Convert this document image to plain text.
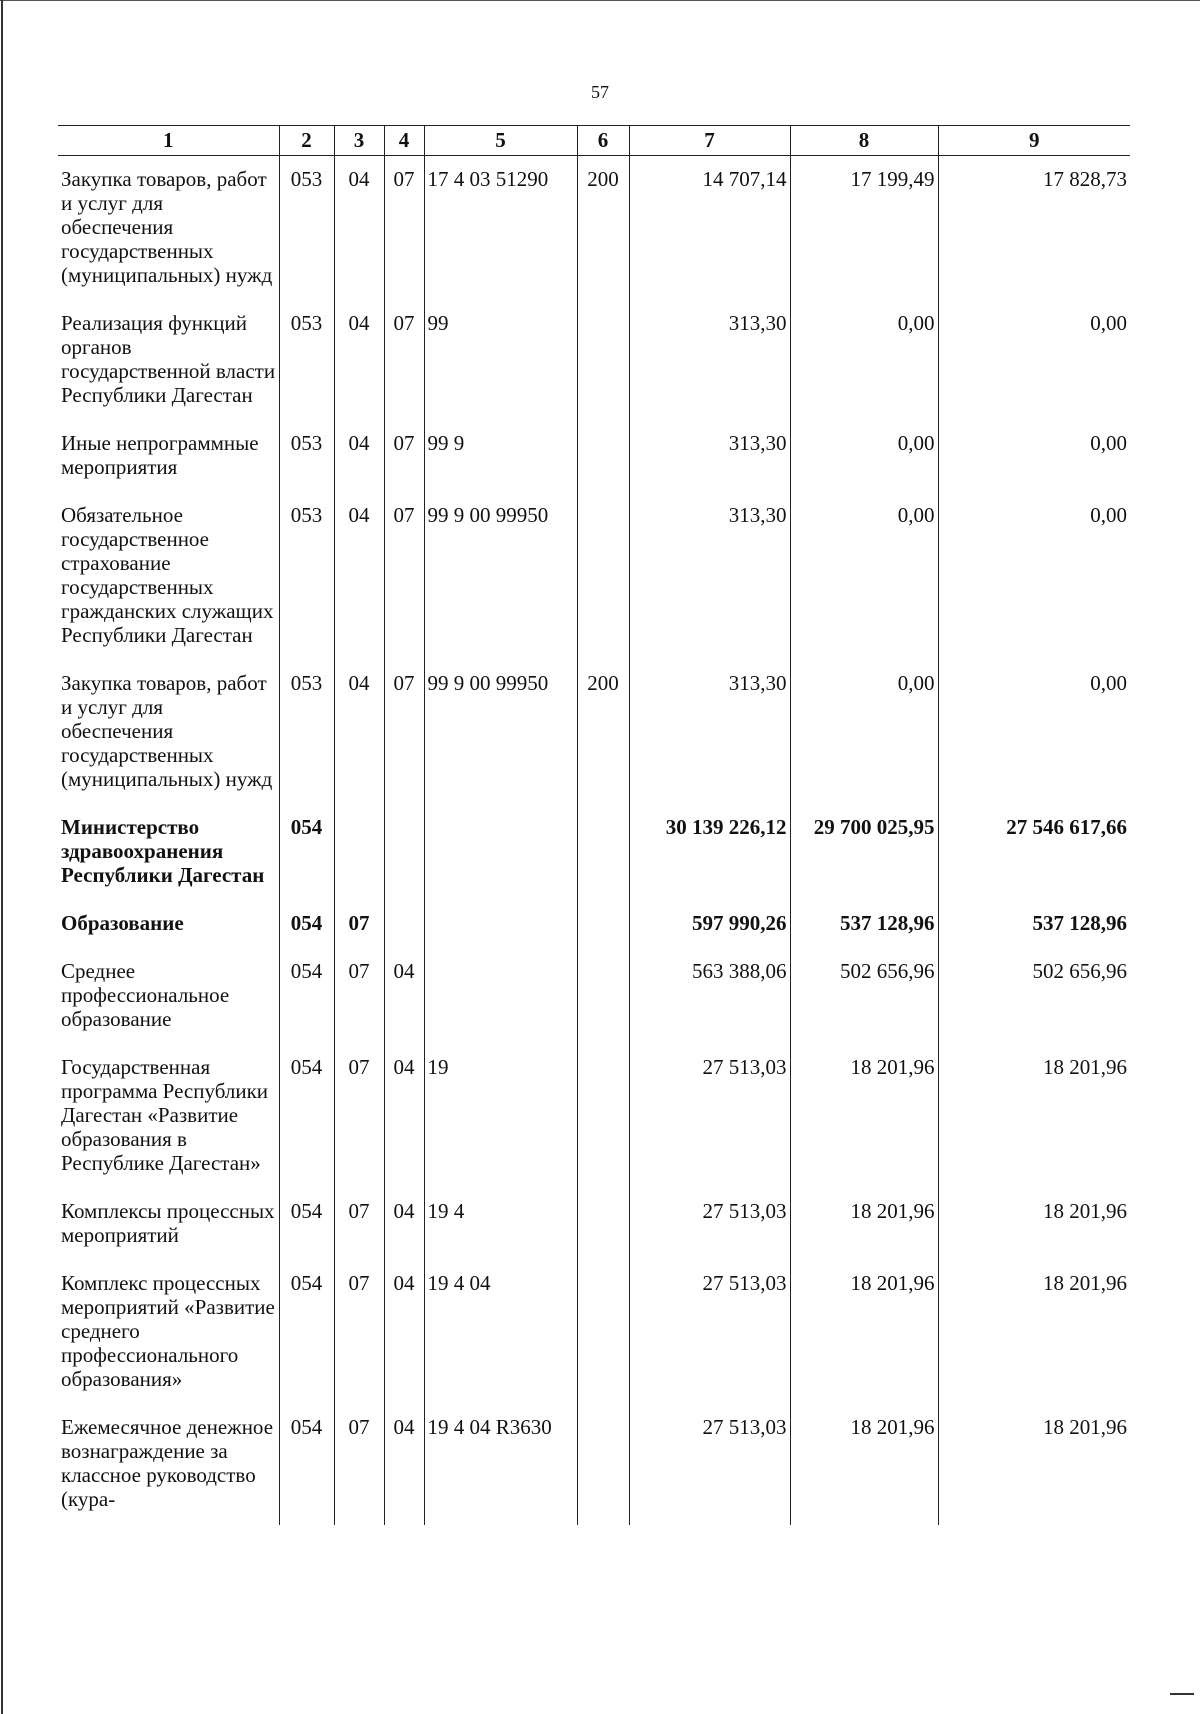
57
1	2	3	4	5	6	7	8	9
Закупка товаров, работ и услуг для обеспечения государственных (муниципальных) нужд	053	04	07	17 4 03 51290	200	14 707,14	17 199,49	17 828,73
Реализация функций органов государственной власти Республики Дагестан	053	04	07	99		313,30	0,00	0,00
Иные непрограммные мероприятия	053	04	07	99 9		313,30	0,00	0,00
Обязательное государственное страхование государственных гражданских служащих Республики Дагестан	053	04	07	99 9 00 99950		313,30	0,00	0,00
Закупка товаров, работ и услуг для обеспечения государственных (муниципальных) нужд	053	04	07	99 9 00 99950	200	313,30	0,00	0,00
Министерство здравоохранения Республики Дагестан	054					30 139 226,12	29 700 025,95	27 546 617,66
Образование	054	07				597 990,26	537 128,96	537 128,96
Среднее профессиональное образование	054	07	04			563 388,06	502 656,96	502 656,96
Государственная программа Республики Дагестан «Развитие образования в Республике Дагестан»	054	07	04	19		27 513,03	18 201,96	18 201,96
Комплексы процессных мероприятий	054	07	04	19 4		27 513,03	18 201,96	18 201,96
Комплекс процессных мероприятий «Развитие среднего профессионального образования»	054	07	04	19 4 04		27 513,03	18 201,96	18 201,96
Ежемесячное денежное вознаграждение за классное руководство (кура-	054	07	04	19 4 04 R3630		27 513,03	18 201,96	18 201,96
